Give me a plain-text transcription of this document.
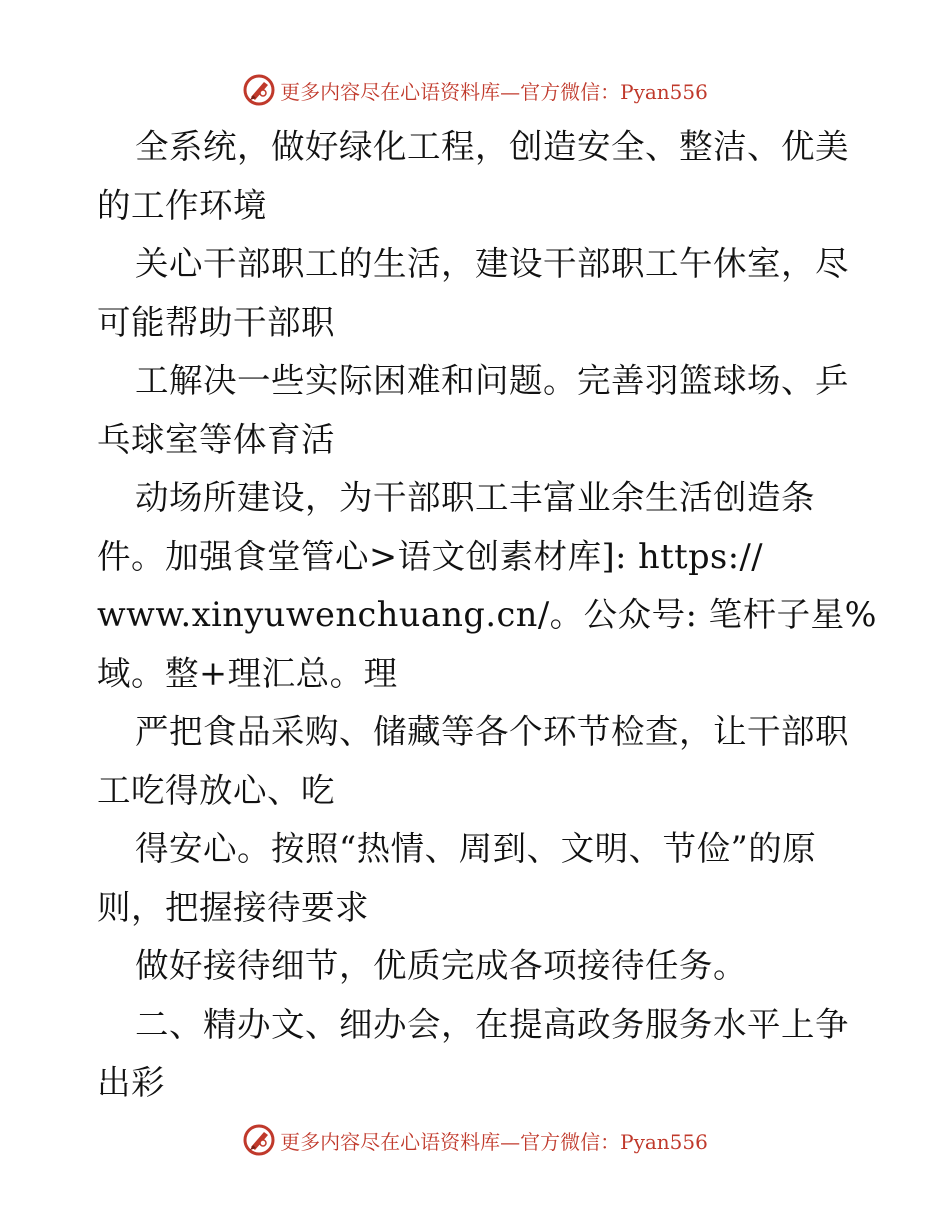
更多内容尽在心语资料库—官方微信：Pyan556
全系统，做好绿化工程，创造安全、整洁、优美
的工作环境
关心干部职工的生活，建设干部职工午休室，尽
可能帮助干部职
工解决一些实际困难和问题。完善羽篮球场、乒
乓球室等体育活
动场所建设，为干部职工丰富业余生活创造条
件。加强食堂管心>语文创素材库]: https://
www.xinyuwenchuang.cn/。公众号: 笔杆子星%
域。整+理汇总。理
严把食品采购、储藏等各个环节检查，让干部职
工吃得放心、吃
得安心。按照“热情、周到、文明、节俭”的原
则，把握接待要求
做好接待细节，优质完成各项接待任务。
二、精办文、细办会，在提高政务服务水平上争
出彩
更多内容尽在心语资料库—官方微信：Pyan556
